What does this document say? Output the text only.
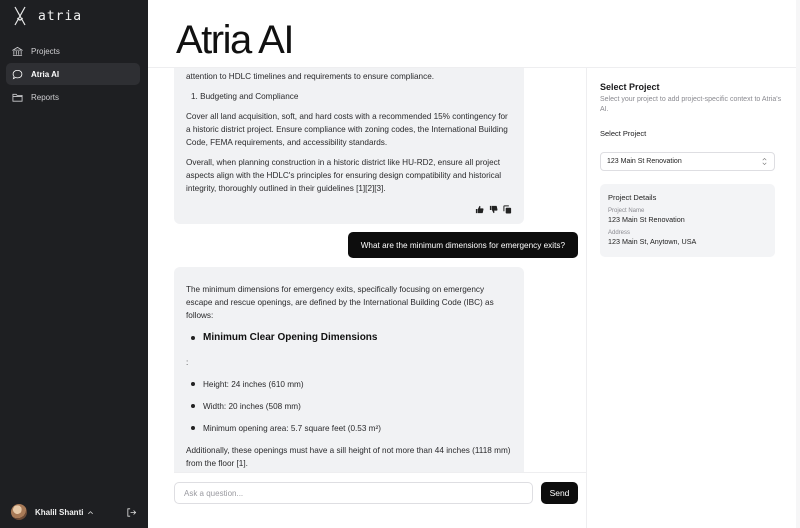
atria
Projects
Atria AI
Reports
Khalil Shanti
Atria AI

attention to HDLC timelines and requirements to ensure compliance.

1. Budgeting and Compliance

Cover all land acquisition, soft, and hard costs with a recommended 15% contingency for a historic district project. Ensure compliance with zoning codes, the International Building Code, FEMA requirements, and accessibility standards.

Overall, when planning construction in a historic district like HU-RD2, ensure all project aspects align with the HDLC's principles for ensuring design compatibility and historical integrity, thoroughly outlined in their guidelines [1][2][3].

What are the minimum dimensions for emergency exits?

The minimum dimensions for emergency exits, specifically focusing on emergency escape and rescue openings, are defined by the International Building Code (IBC) as follows:

Minimum Clear Opening Dimensions

:

Height: 24 inches (610 mm)
Width: 20 inches (508 mm)
Minimum opening area: 5.7 square feet (0.53 m²)

Additionally, these openings must have a sill height of not more than 44 inches (1118 mm) from the floor [1].

Ask a question...
Send
Select Project
Select your project to add project-specific context to Atria's AI.
Select Project
123 Main St Renovation
Project Details
Project Name
123 Main St Renovation
Address
123 Main St, Anytown, USA
